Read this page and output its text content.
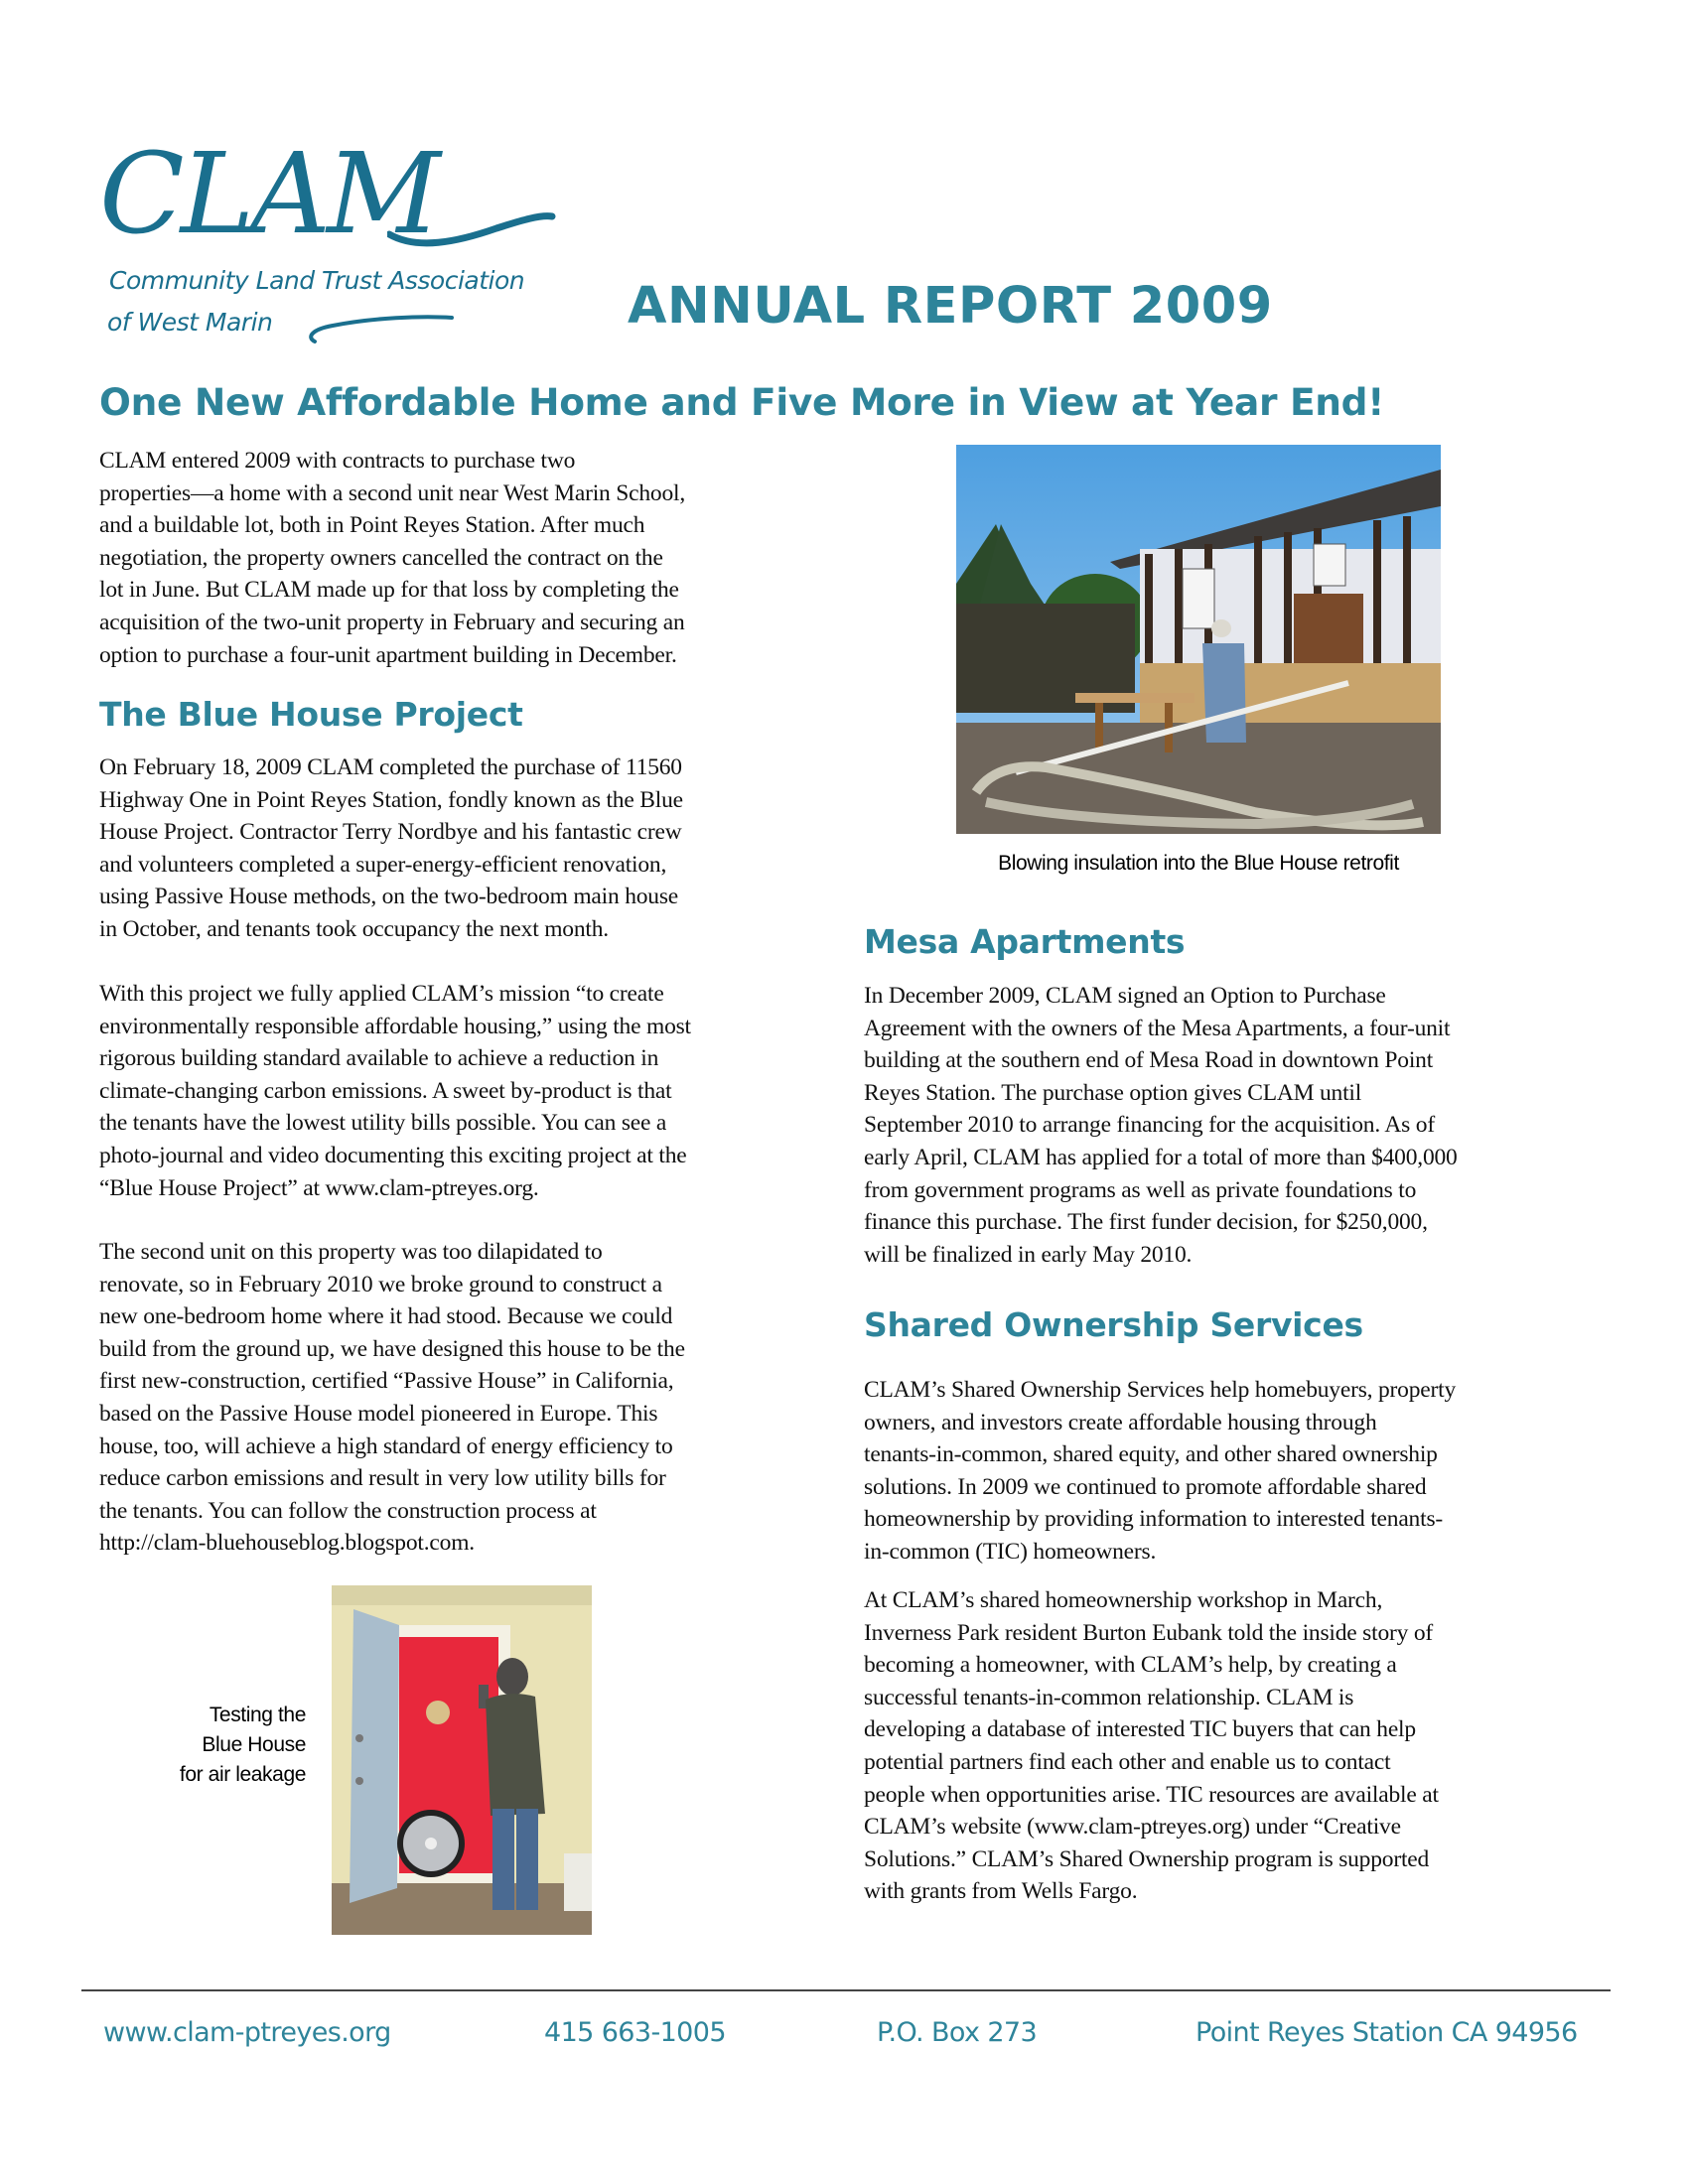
CLAM
Community Land Trust Association
of West Marin	ANNUAL REPORT 2009
One New Affordable Home and Five More in View at Year End!
CLAM entered 2009 with contracts to purchase two
properties—a home with a second unit near West Marin School,
and a buildable lot, both in Point Reyes Station. After much
negotiation, the property owners cancelled the contract on the
lot in June. But CLAM made up for that loss by completing the
acquisition of the two-unit property in February and securing an
option to purchase a four-unit apartment building in December.
The Blue House Project
On February 18, 2009 CLAM completed the purchase of 11560
Highway One in Point Reyes Station, fondly known as the Blue
House Project. Contractor Terry Nordbye and his fantastic crew
and volunteers completed a super-energy-efficient renovation,
using Passive House methods, on the two-bedroom main house
in October, and tenants took occupancy the next month.
With this project we fully applied CLAM’s mission “to create
environmentally responsible affordable housing,” using the most
rigorous building standard available to achieve a reduction in
climate-changing carbon emissions. A sweet by-product is that
the tenants have the lowest utility bills possible. You can see a
photo-journal and video documenting this exciting project at the
“Blue House Project” at www.clam-ptreyes.org.
The second unit on this property was too dilapidated to
renovate, so in February 2010 we broke ground to construct a
new one-bedroom home where it had stood. Because we could
build from the ground up, we have designed this house to be the
first new-construction, certified “Passive House” in California,
based on the Passive House model pioneered in Europe. This
house, too, will achieve a high standard of energy efficiency to
reduce carbon emissions and result in very low utility bills for
the tenants. You can follow the construction process at
http://clam-bluehouseblog.blogspot.com.
Testing the
Blue House
for air leakage
Blowing insulation into the Blue House retrofit
Mesa Apartments
In December 2009, CLAM signed an Option to Purchase
Agreement with the owners of the Mesa Apartments, a four-unit
building at the southern end of Mesa Road in downtown Point
Reyes Station. The purchase option gives CLAM until
September 2010 to arrange financing for the acquisition. As of
early April, CLAM has applied for a total of more than $400,000
from government programs as well as private foundations to
finance this purchase. The first funder decision, for $250,000,
will be finalized in early May 2010.
Shared Ownership Services
CLAM’s Shared Ownership Services help homebuyers, property
owners, and investors create affordable housing through
tenants-in-common, shared equity, and other shared ownership
solutions. In 2009 we continued to promote affordable shared
homeownership by providing information to interested tenants-
in-common (TIC) homeowners.
At CLAM’s shared homeownership workshop in March,
Inverness Park resident Burton Eubank told the inside story of
becoming a homeowner, with CLAM’s help, by creating a
successful tenants-in-common relationship. CLAM is
developing a database of interested TIC buyers that can help
potential partners find each other and enable us to contact
people when opportunities arise. TIC resources are available at
CLAM’s website (www.clam-ptreyes.org) under “Creative
Solutions.” CLAM’s Shared Ownership program is supported
with grants from Wells Fargo.
www.clam-ptreyes.org	415 663-1005	P.O. Box 273	Point Reyes Station CA 94956
